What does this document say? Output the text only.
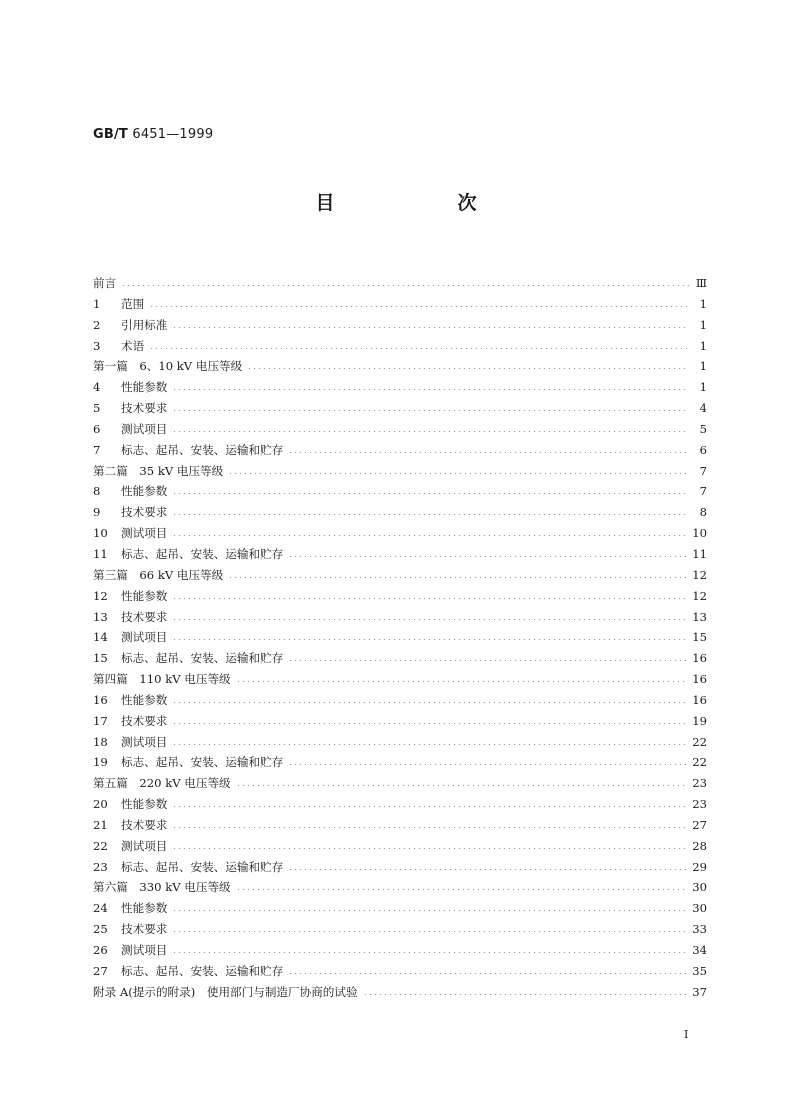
GB/T 6451—1999
目　次
前言	Ⅲ
1 范围	1
2 引用标准	1
3 术语	1
第一篇　6、10 kV 电压等级	1
4 性能参数	1
5 技术要求	4
6 测试项目	5
7 标志、起吊、安装、运输和贮存	6
第二篇　35 kV 电压等级	7
8 性能参数	7
9 技术要求	8
10 测试项目	10
11 标志、起吊、安装、运输和贮存	11
第三篇　66 kV 电压等级	12
12 性能参数	12
13 技术要求	13
14 测试项目	15
15 标志、起吊、安装、运输和贮存	16
第四篇　110 kV 电压等级	16
16 性能参数	16
17 技术要求	19
18 测试项目	22
19 标志、起吊、安装、运输和贮存	22
第五篇　220 kV 电压等级	23
20 性能参数	23
21 技术要求	27
22 测试项目	28
23 标志、起吊、安装、运输和贮存	29
第六篇　330 kV 电压等级	30
24 性能参数	30
25 技术要求	33
26 测试项目	34
27 标志、起吊、安装、运输和贮存	35
附录 A(提示的附录)　使用部门与制造厂协商的试验	37
I
